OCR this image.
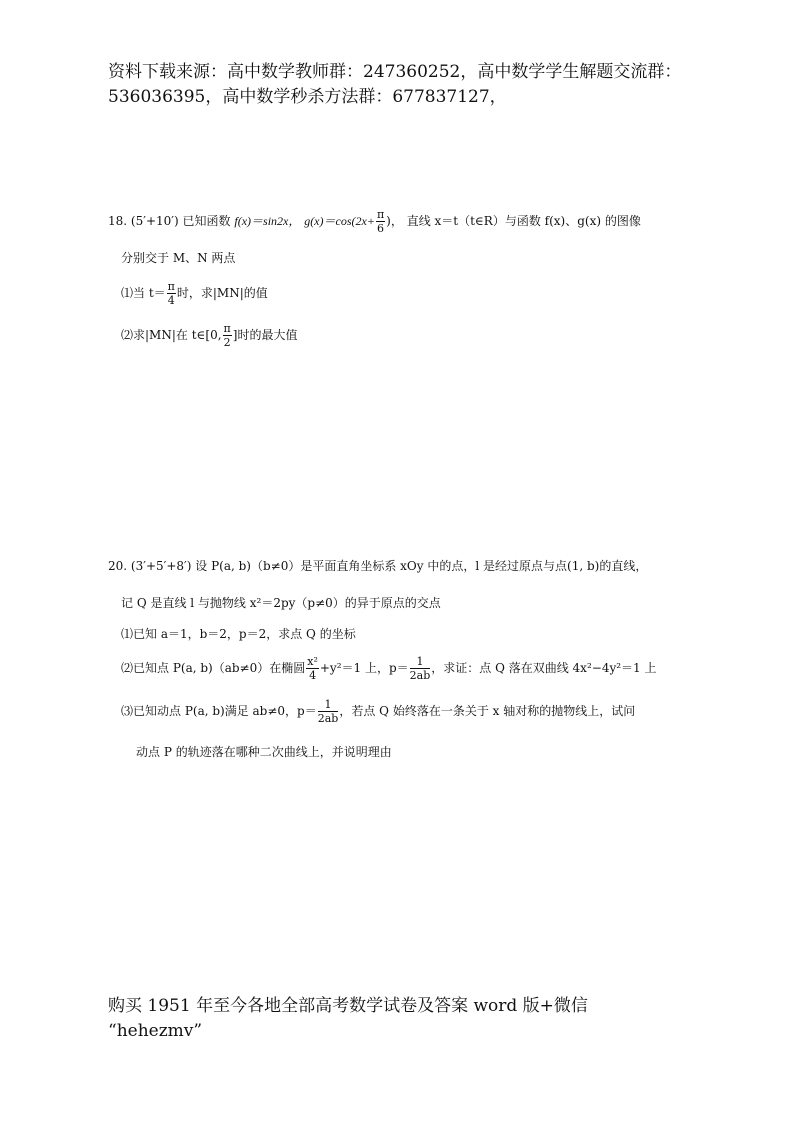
资料下载来源：高中数学教师群：247360252，高中数学学生解题交流群：
536036395，高中数学秒杀方法群：677837127，
18. (5′+10′) 已知函数 f(x)＝sin2x， $g(x)=\cos(2x+ \frac{\pi}{6}$ )， 直线 x＝t（t∈R）与函数 f(x)、g(x) 的图像
分别交于 M、N 两点
⑴当 $t= \frac{\pi}{4}$ 时，求|MN|的值
⑵求|MN|在 t∈[0, $\frac{\pi}{2}$ ]时的最大值
20. (3′+5′+8′) 设 P(a, b)（b≠0）是平面直角坐标系 xOy 中的点，l 是经过原点与点(1, b)的直线，
记 Q 是直线 l 与抛物线 x²＝2py（p≠0）的异于原点的交点
⑴已知 a＝1，b＝2，p＝2，求点 Q 的坐标
⑵已知点 P(a, b)（ab≠0）在椭圆 $\frac{\text{x²}}{4} +y^2=1$ 上，$p= \frac{1}{2ab}$ ，求证：点 Q 落在双曲线 4x²−4y²＝1 上
⑶已知动点 P(a, b)满足 ab≠0，$p= \frac{1}{2ab}$ ，若点 Q 始终落在一条关于 x 轴对称的抛物线上，试问
动点 P 的轨迹落在哪种二次曲线上，并说明理由
购买 1951 年至今各地全部高考数学试卷及答案 word 版+微信
“hehezmv”
